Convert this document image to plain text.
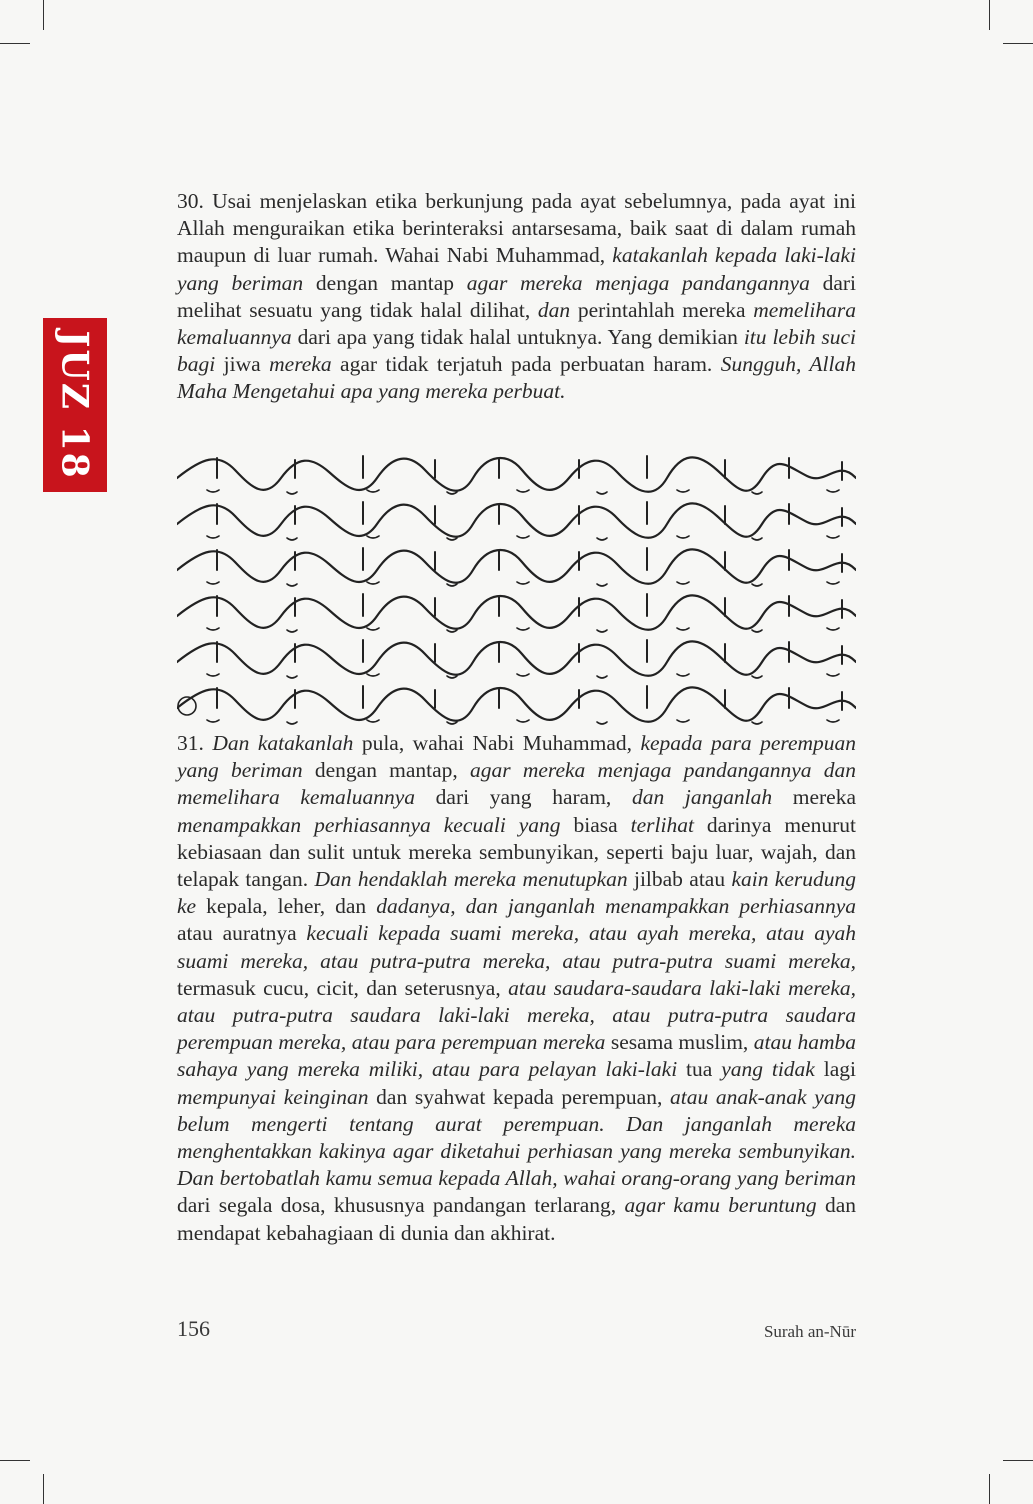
JUZ 18
30. Usai menjelaskan etika berkunjung pada ayat sebelumnya, pada ayat ini Allah menguraikan etika berinteraksi antarsesama, baik saat di dalam rumah maupun di luar rumah. Wahai Nabi Muhammad, katakanlah kepada laki-laki yang beriman dengan mantap agar mereka menjaga pandangannya dari melihat sesuatu yang tidak halal dilihat, dan perintahlah mereka memelihara kemaluannya dari apa yang tidak halal untuknya. Yang demikian itu lebih suci bagi jiwa mereka agar tidak terjatuh pada perbuatan haram. Sungguh, Allah Maha Mengetahui apa yang mereka perbuat.
31. Dan katakanlah pula, wahai Nabi Muhammad, kepada para perempuan yang beriman dengan mantap, agar mereka menjaga pandangannya dan memelihara kemaluannya dari yang haram, dan janganlah mereka menampakkan perhiasannya kecuali yang biasa terlihat darinya menurut kebiasaan dan sulit untuk mereka sembunyikan, seperti baju luar, wajah, dan telapak tangan. Dan hendaklah mereka menutupkan jilbab atau kain kerudung ke kepala, leher, dan dadanya, dan janganlah menampakkan perhiasannya atau auratnya kecuali kepada suami mereka, atau ayah mereka, atau ayah suami mereka, atau putra-putra mereka, atau putra-putra suami mereka, termasuk cucu, cicit, dan seterusnya, atau saudara-saudara laki-laki mereka, atau putra-putra saudara laki-laki mereka, atau putra-putra saudara perempuan mereka, atau para perempuan mereka sesama muslim, atau hamba sahaya yang mereka miliki, atau para pelayan laki-laki tua yang tidak lagi mempunyai keinginan dan syahwat kepada perempuan, atau anak-anak yang belum mengerti tentang aurat perempuan. Dan janganlah mereka menghentakkan kakinya agar diketahui perhiasan yang mereka sembunyikan. Dan bertobatlah kamu semua kepada Allah, wahai orang-orang yang beriman dari segala dosa, khususnya pandangan terlarang, agar kamu beruntung dan mendapat kebahagiaan di dunia dan akhirat.
156	Surah an-Nūr
